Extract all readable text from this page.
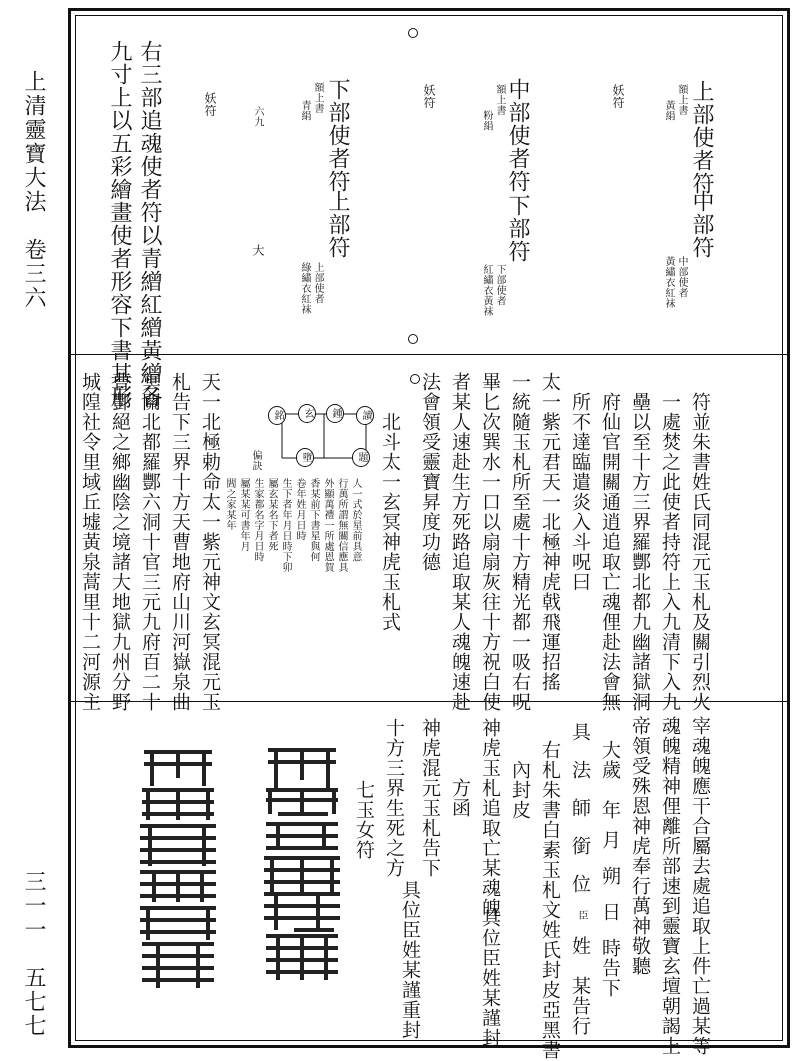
上清靈寶大法　卷三六
三一一　五七七
上部使者符
額上書
黃絹
中部符
中部使者
黃繡衣紅袜
妖符
中部使者符
額上書
粉絹
下部符
下部使者
紅繡衣黃袜
妖符
下部使者符
額上書
青絹
上部符
上部使者
綠繡衣紅袜
六九
大
妖符
右三部追魂使者符以青繒紅繒黃繒各
九寸上以五彩繪畫使者形容下書其形
符並朱書姓氏同混元玉札及關引烈火
一處焚之此使者持符上入九清下入九
壘以至十方三界羅酆北都九幽諸獄洞
府仙官開關通逍追取亡魂俚赴法會無
所不達臨遣炎入斗呪曰
太一紫元君天一北極神虎戟飛運招搖
一統隨玉札所至處十方精光都一吸右呪
畢匕次巽水一口以扇扇灰往十方祝白使
者某人速赴生方死路追取某人魂魄速赴
法會領受靈寶昇度功德
北斗太一玄冥神虎玉札式
銘	玄	鍾	讀
墮	題
偏訣
人一式於星前具意
行萬所謂無關信應具
外顯萬禮一所處恩賀
香某前下書星與何
卷年姓月日時
生下者年月日時下卯
屬玄某名下者死
生家都名字月日時
屬某某可書年月
閻之家某年
天一北極勅命太一紫元神文玄冥混元玉
札告下三界十方天曹地府山川河嶽泉曲
冥關北都羅酆六洞十官三元九府百二十
曹酆絕之鄉幽陰之境諸大地獄九州分野
城隍社令里域丘墟黃泉蒿里十二河源主
宰魂魄應干合屬去處追取上件亡過某等
魂魄精神俚離所部速到靈寶玄壇朝謁上
帝領受殊恩神虎奉行萬神敬聽
大歲
年
月
朔
日
時告下
具
法
師
銜
位
臣
姓
某告行
右札朱書白素玉札文姓氏封皮亞黑書
內封皮
神虎玉札追取亡某魂魄
具位臣姓某謹封
方函
神虎混元玉札告下
具位臣姓某謹重封
十方三界生死之方
七玉女符
